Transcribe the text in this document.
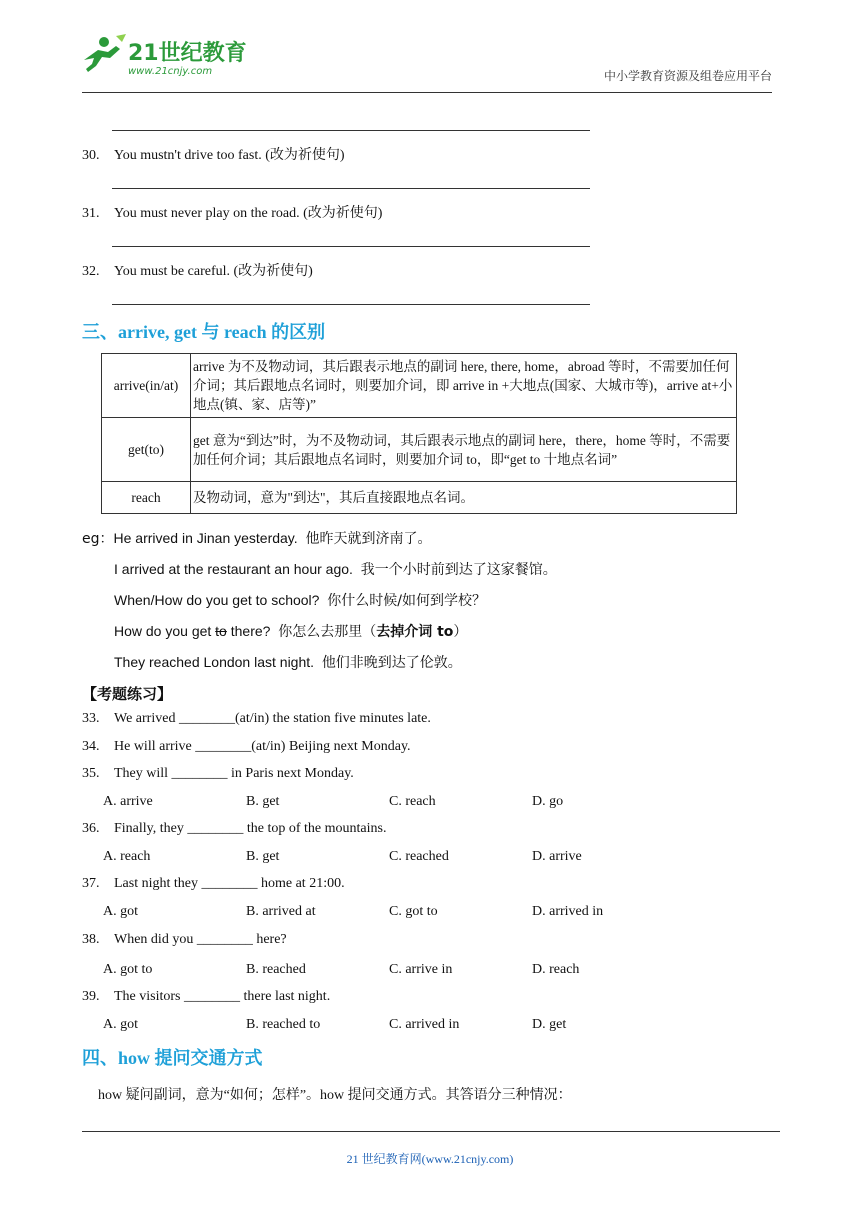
21世纪教育
www.21cnjy.com	中小学教育资源及组卷应用平台
30. You mustn't drive too fast. (改为祈使句)
31. You must never play on the road. (改为祈使句)
32. You must be careful. (改为祈使句)
三、arrive, get 与 reach 的区别
arrive(in/at)	arrive 为不及物动词，其后跟表示地点的副词 here, there, home，abroad 等时，不需要加任何介词；其后跟地点名词时，则要加介词，即 arrive in +大地点(国家、大城市等)，arrive at+小地点(镇、家、店等)”
get(to)	get 意为“到达”时，为不及物动词，其后跟表示地点的副词 here，there，home 等时，不需要加任何介词；其后跟地点名词时，则要加介词 to，即“get to 十地点名词”
reach	及物动词，意为"到达"，其后直接跟地点名词。
eg：He arrived in Jinan yesterday. 他昨天就到济南了。
I arrived at the restaurant an hour ago. 我一个小时前到达了这家餐馆。
When/How do you get to school? 你什么时候/如何到学校？
How do you get to there? 你怎么去那里（去掉介词 to）
They reached London last night. 他们非晚到达了伦敦。
【考题练习】
33. We arrived ________(at/in) the station five minutes late.
34. He will arrive ________(at/in) Beijing next Monday.
35. They will ________ in Paris next Monday.
A. arrive	B. get	C. reach	D. go
36. Finally, they ________ the top of the mountains.
A. reach	B. get	C. reached	D. arrive
37. Last night they ________ home at 21:00.
A. got	B. arrived at	C. got to	D. arrived in
38. When did you ________ here?
A. got to	B. reached	C. arrive in	D. reach
39. The visitors ________ there last night.
A. got	B. reached to	C. arrived in	D. get
四、how 提问交通方式
how 疑问副词，意为“如何；怎样”。how 提问交通方式。其答语分三种情况：
21 世纪教育网(www.21cnjy.com)
